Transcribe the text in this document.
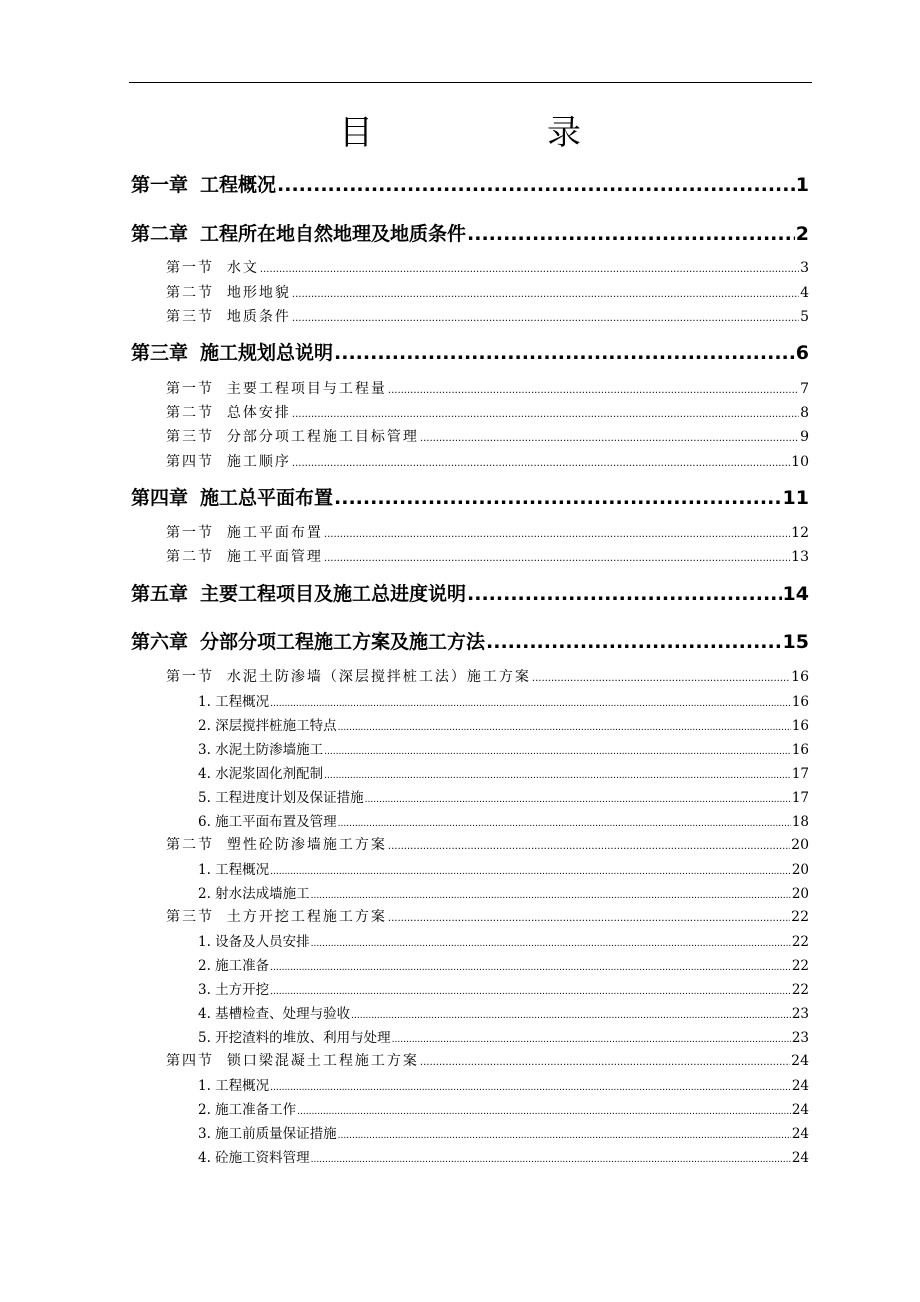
目　录
第一章 工程概况 .....	1
第二章 工程所在地自然地理及地质条件 .....	2
第一节 水文 .....	3
第二节 地形地貌 .....	4
第三节 地质条件 .....	5
第三章 施工规划总说明 .....	6
第一节 主要工程项目与工程量 .....	7
第二节 总体安排 .....	8
第三节 分部分项工程施工目标管理 .....	9
第四节 施工顺序 .....	10
第四章 施工总平面布置 .....	11
第一节 施工平面布置 .....	12
第二节 施工平面管理 .....	13
第五章 主要工程项目及施工总进度说明 .....	14
第六章 分部分项工程施工方案及施工方法 .....	15
第一节 水泥土防渗墙（深层搅拌桩工法）施工方案 .....	16
1. 工程概况 .....	16
2. 深层搅拌桩施工特点 .....	16
3. 水泥土防渗墙施工 .....	16
4. 水泥浆固化剂配制 .....	17
5. 工程进度计划及保证措施 .....	17
6. 施工平面布置及管理 .....	18
第二节 塑性砼防渗墙施工方案 .....	20
1. 工程概况 .....	20
2. 射水法成墙施工 .....	20
第三节 土方开挖工程施工方案 .....	22
1. 设备及人员安排 .....	22
2. 施工准备 .....	22
3. 土方开挖 .....	22
4. 基槽检查、处理与验收 .....	23
5. 开挖渣料的堆放、利用与处理 .....	23
第四节 锁口梁混凝土工程施工方案 .....	24
1. 工程概况 .....	24
2. 施工准备工作 .....	24
3. 施工前质量保证措施 .....	24
4. 砼施工资料管理 .....	24
